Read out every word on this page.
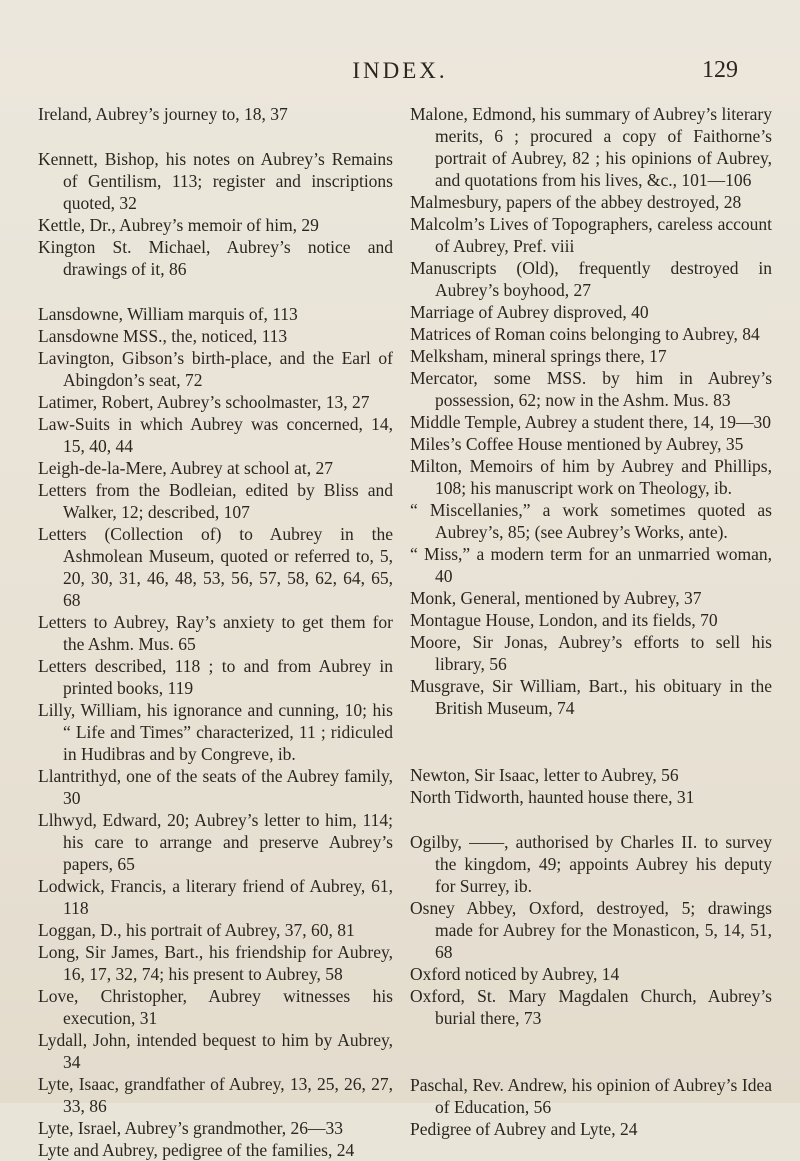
INDEX.	129

Ireland, Aubrey’s journey to, 18, 37

Kennett, Bishop, his notes on Aubrey’s Remains of Gentilism, 113; register and inscriptions quoted, 32

Kettle, Dr., Aubrey’s memoir of him, 29

Kington St. Michael, Aubrey’s notice and drawings of it, 86

Lansdowne, William marquis of, 113

Lansdowne MSS., the, noticed, 113

Lavington, Gibson’s birth-place, and the Earl of Abingdon’s seat, 72

Latimer, Robert, Aubrey’s schoolmaster, 13, 27

Law-Suits in which Aubrey was concerned, 14, 15, 40, 44

Leigh-de-la-Mere, Aubrey at school at, 27

Letters from the Bodleian, edited by Bliss and Walker, 12; described, 107

Letters (Collection of) to Aubrey in the Ashmolean Museum, quoted or referred to, 5, 20, 30, 31, 46, 48, 53, 56, 57, 58, 62, 64, 65, 68

Letters to Aubrey, Ray’s anxiety to get them for the Ashm. Mus. 65

Letters described, 118 ; to and from Aubrey in printed books, 119

Lilly, William, his ignorance and cunning, 10; his “ Life and Times” characterized, 11 ; ridiculed in Hudibras and by Congreve, ib.

Llantrithyd, one of the seats of the Aubrey family, 30

Llhwyd, Edward, 20; Aubrey’s letter to him, 114; his care to arrange and preserve Aubrey’s papers, 65

Lodwick, Francis, a literary friend of Aubrey, 61, 118

Loggan, D., his portrait of Aubrey, 37, 60, 81

Long, Sir James, Bart., his friendship for Aubrey, 16, 17, 32, 74; his present to Aubrey, 58

Love, Christopher, Aubrey witnesses his execution, 31

Lydall, John, intended bequest to him by Aubrey, 34

Lyte, Isaac, grandfather of Aubrey, 13, 25, 26, 27, 33, 86

Lyte, Israel, Aubrey’s grandmother, 26—33

Lyte and Aubrey, pedigree of the families, 24

Malone, Edmond, his summary of Aubrey’s literary merits, 6 ; procured a copy of Faithorne’s portrait of Aubrey, 82 ; his opinions of Aubrey, and quotations from his lives, &c., 101—106

Malmesbury, papers of the abbey destroyed, 28

Malcolm’s Lives of Topographers, careless account of Aubrey, Pref. viii

Manuscripts (Old), frequently destroyed in Aubrey’s boyhood, 27

Marriage of Aubrey disproved, 40

Matrices of Roman coins belonging to Aubrey, 84

Melksham, mineral springs there, 17

Mercator, some MSS. by him in Aubrey’s possession, 62; now in the Ashm. Mus. 83

Middle Temple, Aubrey a student there, 14, 19—30

Miles’s Coffee House mentioned by Aubrey, 35

Milton, Memoirs of him by Aubrey and Phillips, 108; his manuscript work on Theology, ib.

“ Miscellanies,” a work sometimes quoted as Aubrey’s, 85; (see Aubrey’s Works, ante).

“ Miss,” a modern term for an unmarried woman, 40

Monk, General, mentioned by Aubrey, 37

Montague House, London, and its fields, 70

Moore, Sir Jonas, Aubrey’s efforts to sell his library, 56

Musgrave, Sir William, Bart., his obituary in the British Museum, 74

Newton, Sir Isaac, letter to Aubrey, 56

North Tidworth, haunted house there, 31

Ogilby, ——, authorised by Charles II. to survey the kingdom, 49; appoints Aubrey his deputy for Surrey, ib.

Osney Abbey, Oxford, destroyed, 5; drawings made for Aubrey for the Monasticon, 5, 14, 51, 68

Oxford noticed by Aubrey, 14

Oxford, St. Mary Magdalen Church, Aubrey’s burial there, 73

Paschal, Rev. Andrew, his opinion of Aubrey’s Idea of Education, 56

Pedigree of Aubrey and Lyte, 24
